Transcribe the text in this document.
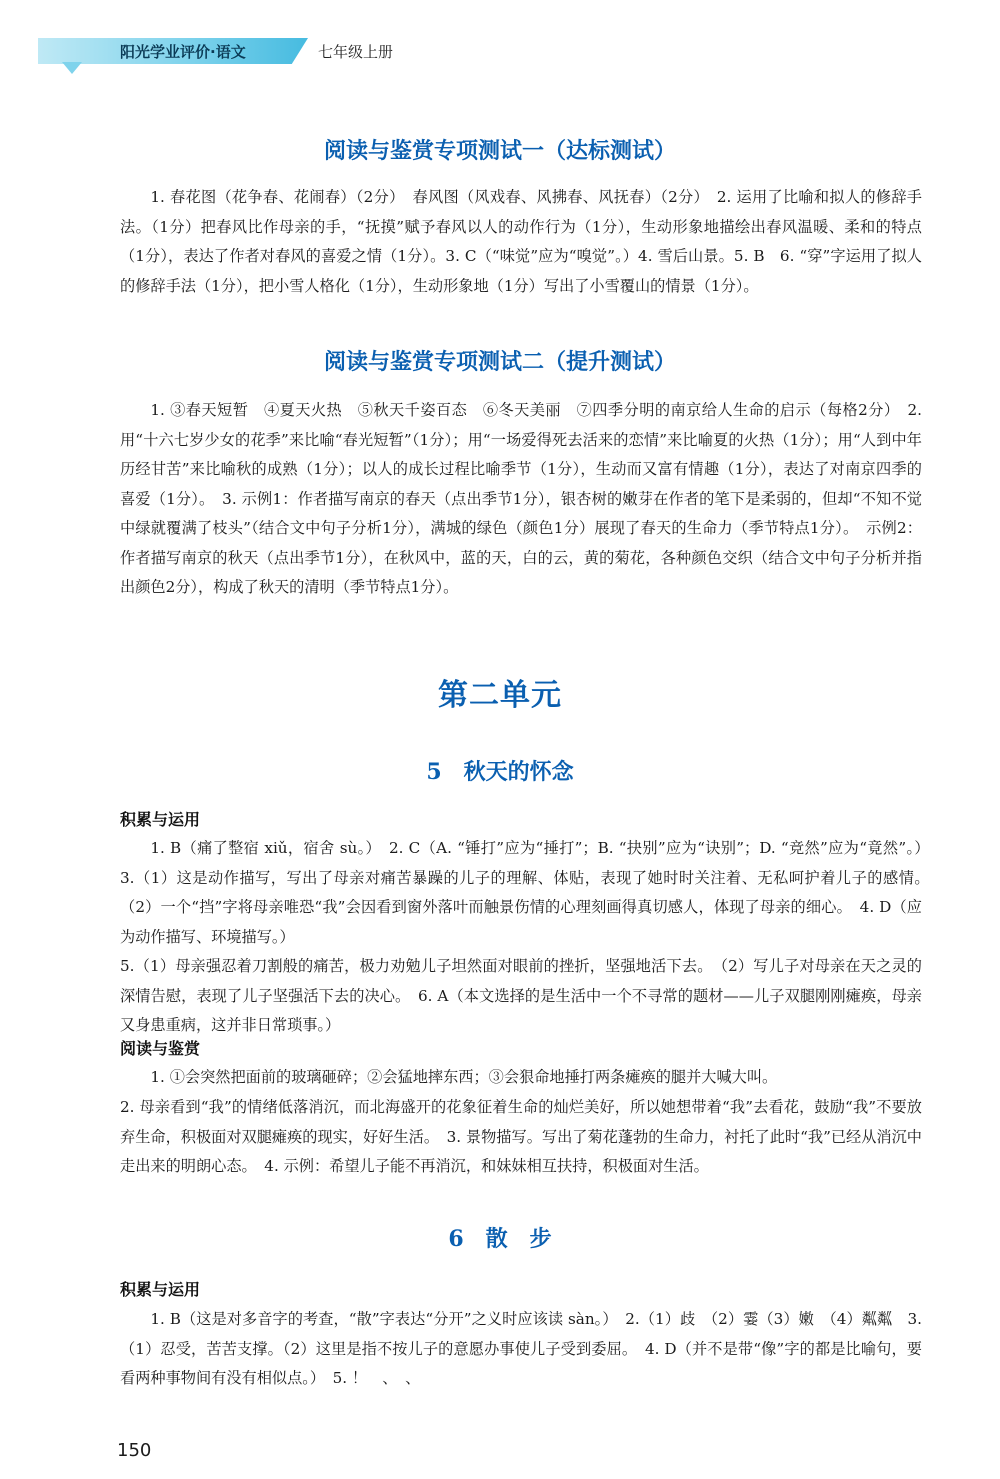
阳光学业评价·语文	七年级上册
阅读与鉴赏专项测试一（达标测试）

1. 春花图（花争春、花闹春）（2分）　春风图（风戏春、风拂春、风抚春）（2分）　2. 运用了比喻和拟人的修辞手法。（1分）把春风比作母亲的手，“抚摸”赋予春风以人的动作行为（1分），生动形象地描绘出春风温暖、柔和的特点（1分），表达了作者对春风的喜爱之情（1分）。3. C（“味觉”应为“嗅觉”。）4. 雪后山景。5. B　6. “穿”字运用了拟人的修辞手法（1分），把小雪人格化（1分），生动形象地（1分）写出了小雪覆山的情景（1分）。

阅读与鉴赏专项测试二（提升测试）

1. ③春天短暂　④夏天火热　⑤秋天千姿百态　⑥冬天美丽　⑦四季分明的南京给人生命的启示（每格2分）　2. 用“十六七岁少女的花季”来比喻“春光短暂”（1分）；用“一场爱得死去活来的恋情”来比喻夏的火热（1分）；用“人到中年历经甘苦”来比喻秋的成熟（1分）；以人的成长过程比喻季节（1分），生动而又富有情趣（1分），表达了对南京四季的喜爱（1分）。　3. 示例1：作者描写南京的春天（点出季节1分），银杏树的嫩芽在作者的笔下是柔弱的，但却“不知不觉中绿就覆满了枝头”（结合文中句子分析1分），满城的绿色（颜色1分）展现了春天的生命力（季节特点1分）。　示例2：作者描写南京的秋天（点出季节1分），在秋风中，蓝的天，白的云，黄的菊花，各种颜色交织（结合文中句子分析并指出颜色2分），构成了秋天的清明（季节特点1分）。

第二单元
5 秋天的怀念
积累与运用

1. B（痛了整宿 xiǔ，宿舍 sù。）　2. C（A. “锤打”应为“捶打”；B. “抉别”应为“诀别”；D. “竞然”应为“竟然”。）　3.（1）这是动作描写，写出了母亲对痛苦暴躁的儿子的理解、体贴，表现了她时时关注着、无私呵护着儿子的感情。　（2）一个“挡”字将母亲唯恐“我”会因看到窗外落叶而触景伤情的心理刻画得真切感人，体现了母亲的细心。　4. D（应为动作描写、环境描写。）

5.（1）母亲强忍着刀割般的痛苦，极力劝勉儿子坦然面对眼前的挫折，坚强地活下去。　（2）写儿子对母亲在天之灵的深情告慰，表现了儿子坚强活下去的决心。　6. A（本文选择的是生活中一个不寻常的题材——儿子双腿刚刚瘫痪，母亲又身患重病，这并非日常琐事。）

阅读与鉴赏

1. ①会突然把面前的玻璃砸碎；②会猛地摔东西；③会狠命地捶打两条瘫痪的腿并大喊大叫。

2. 母亲看到“我”的情绪低落消沉，而北海盛开的花象征着生命的灿烂美好，所以她想带着“我”去看花，鼓励“我”不要放弃生命，积极面对双腿瘫痪的现实，好好生活。　3. 景物描写。写出了菊花蓬勃的生命力，衬托了此时“我”已经从消沉中走出来的明朗心态。　4. 示例：希望儿子能不再消沉，和妹妹相互扶持，积极面对生活。

6 散　步
积累与运用

1. B（这是对多音字的考查，“散”字表达“分开”之义时应该读 sàn。）　2.（1）歧　（2）霎（3）嫩　（4）粼粼　3.（1）忍受，苦苦支撑。（2）这里是指不按儿子的意愿办事使儿子受到委屈。　4. D（并不是带“像”字的都是比喻句，要看两种事物间有没有相似点。）　5. ！　、　、

150
